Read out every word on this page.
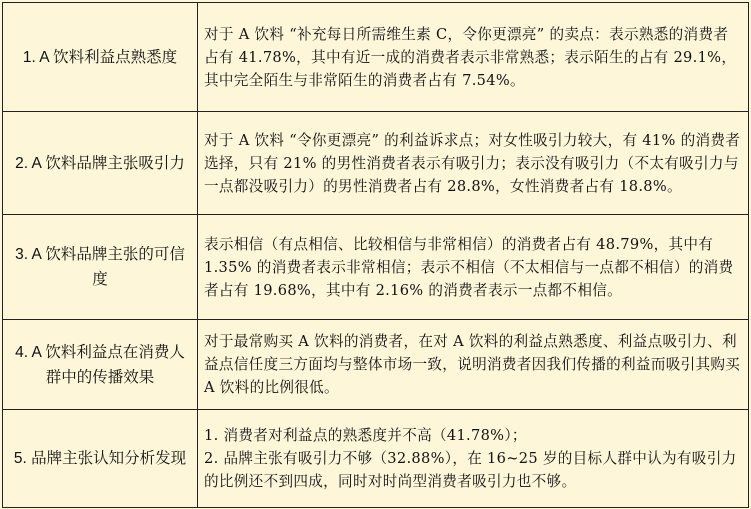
1. A 饮料利益点熟悉度	对于 A 饮料 “补充每日所需维生素 C，令你更漂亮” 的卖点：表示熟悉的消费者占有 41.78%，其中有近一成的消费者表示非常熟悉；表示陌生的占有 29.1%，其中完全陌生与非常陌生的消费者占有 7.54%。
2. A 饮料品牌主张吸引力	对于 A 饮料 “令你更漂亮” 的利益诉求点；对女性吸引力较大，有 41% 的消费者选择，只有 21% 的男性消费者表示有吸引力；表示没有吸引力（不太有吸引力与一点都没吸引力）的男性消费者占有 28.8%，女性消费者占有 18.8%。
3. A 饮料品牌主张的可信度	表示相信（有点相信、比较相信与非常相信）的消费者占有 48.79%，其中有 1.35% 的消费者表示非常相信；表示不相信（不太相信与一点都不相信）的消费者占有 19.68%，其中有 2.16% 的消费者表示一点都不相信。
4. A 饮料利益点在消费人群中的传播效果	对于最常购买 A 饮料的消费者，在对 A 饮料的利益点熟悉度、利益点吸引力、利益点信任度三方面均与整体市场一致，说明消费者因我们传播的利益而吸引其购买 A 饮料的比例很低。
5. 品牌主张认知分析发现	1. 消费者对利益点的熟悉度并不高（41.78%）；

2. 品牌主张有吸引力不够（32.88%），在 16~25 岁的目标人群中认为有吸引力的比例还不到四成，同时对时尚型消费者吸引力也不够。
